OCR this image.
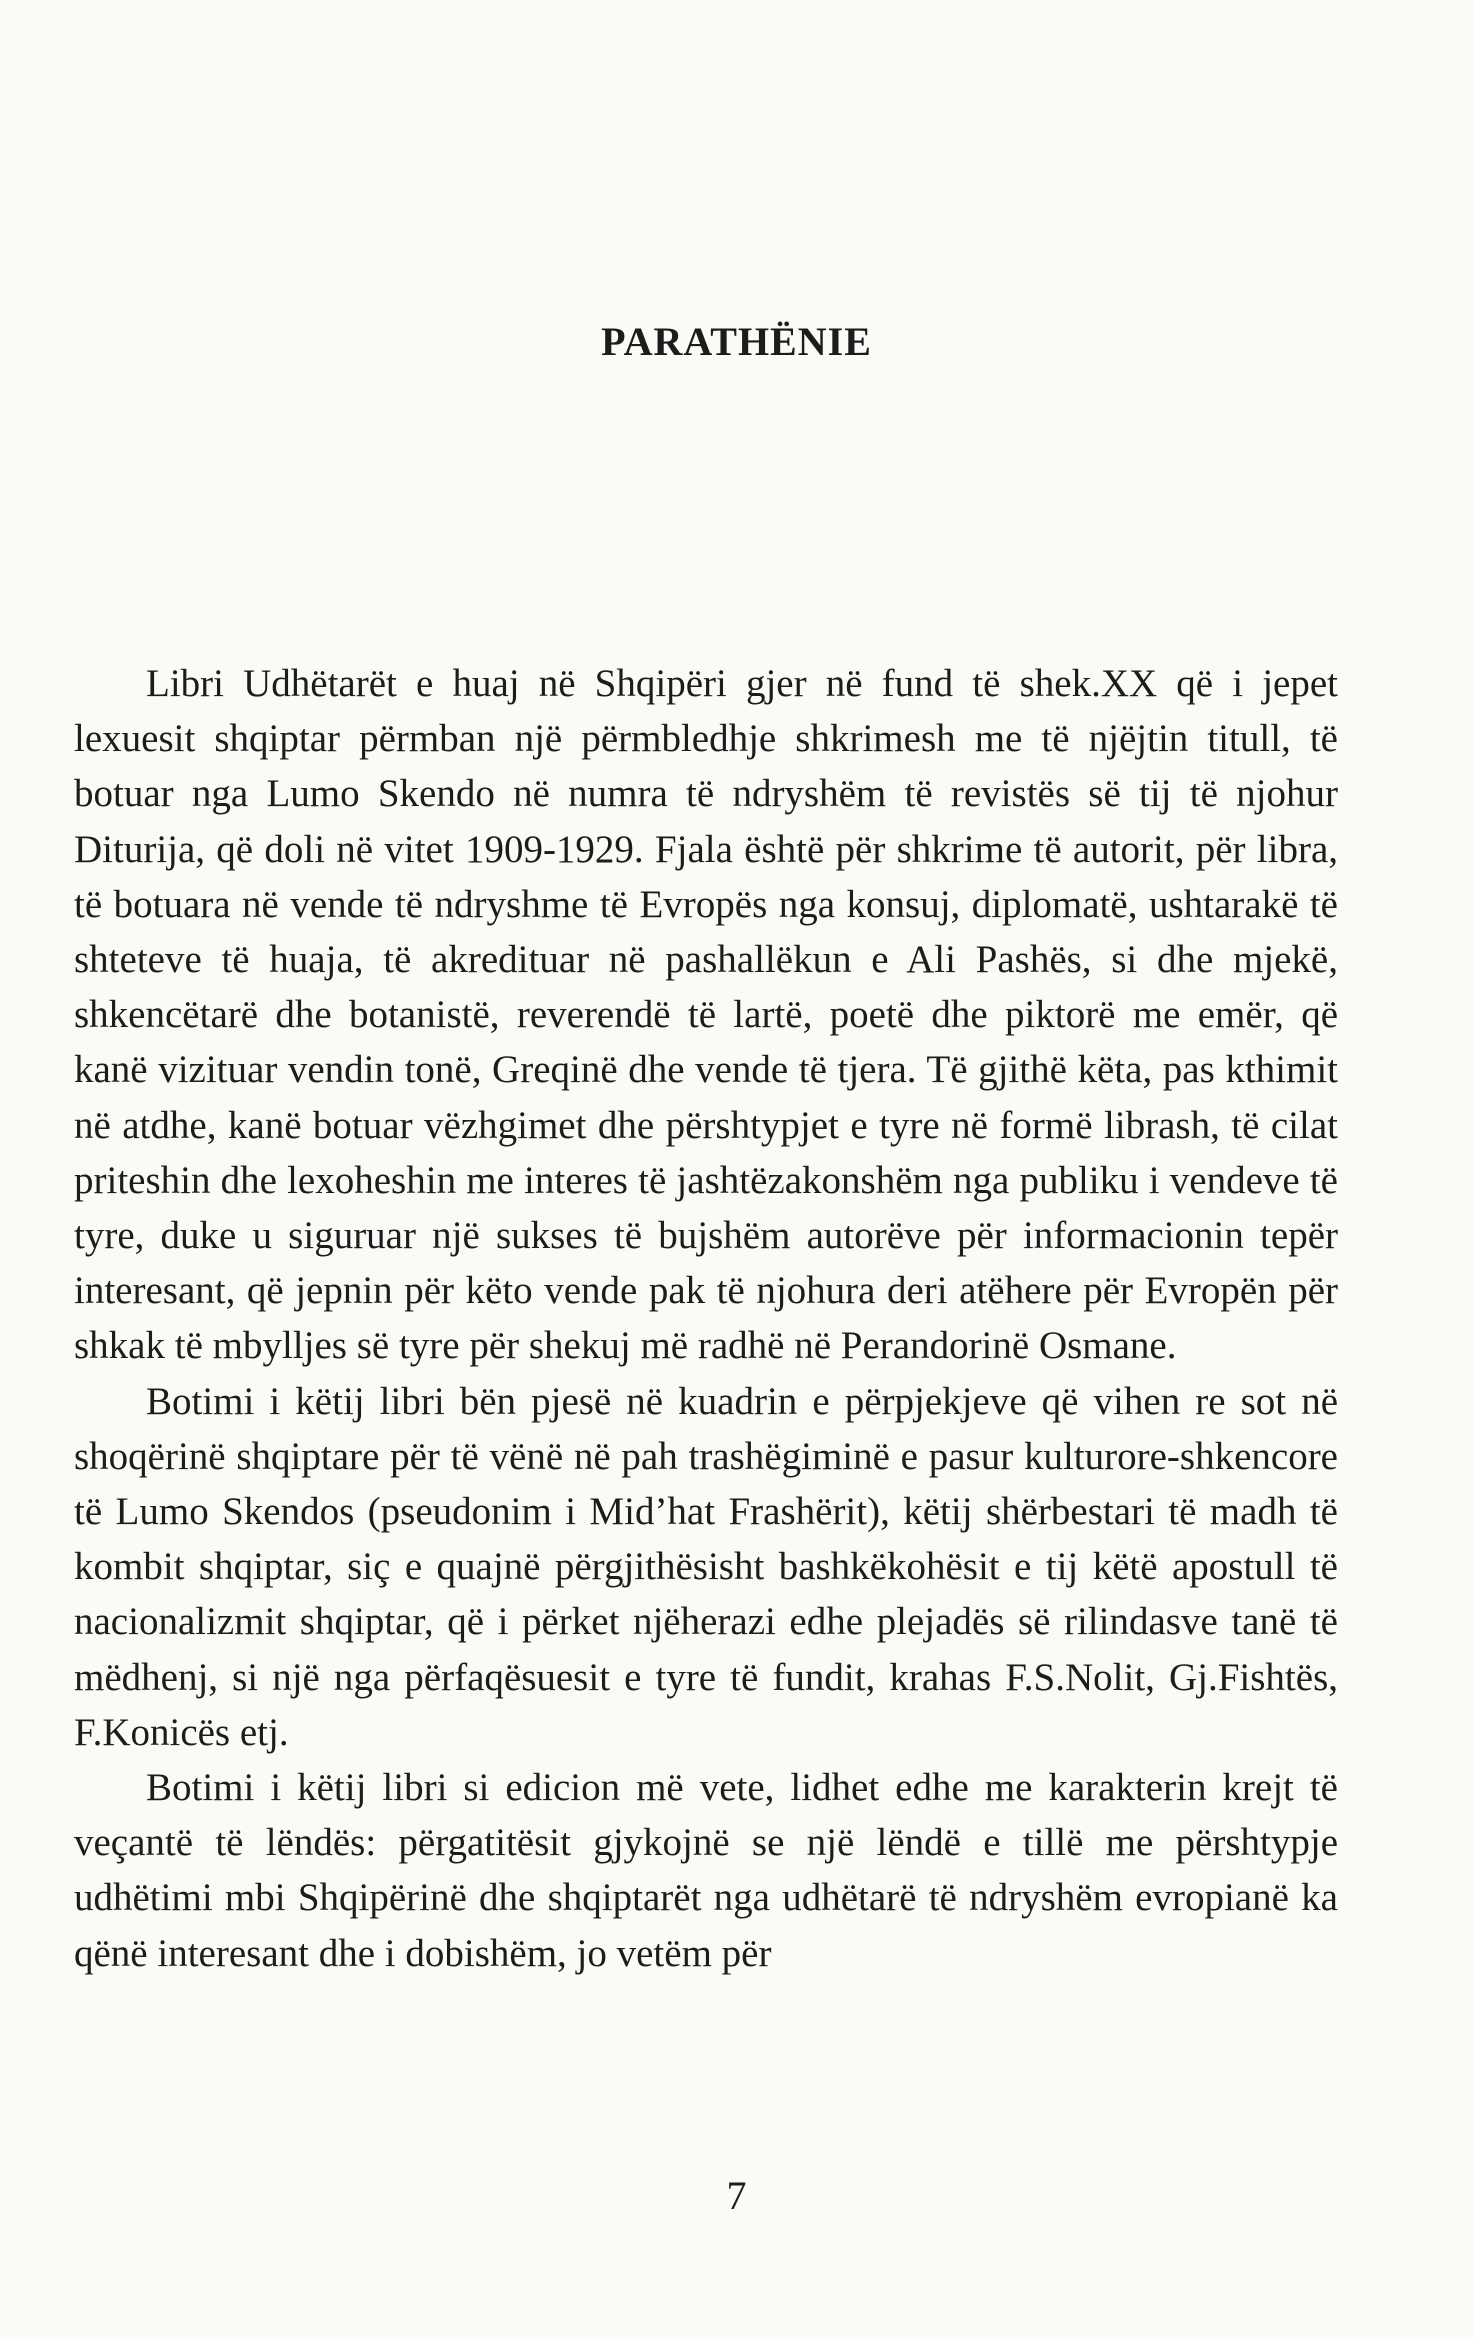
PARATHËNIE

Libri Udhëtarët e huaj në Shqipëri gjer në fund të shek.XX që i jepet lexuesit shqiptar përmban një përmbledhje shkrimesh me të njëjtin titull, të botuar nga Lumo Skendo në numra të ndryshëm të revistës së tij të njohur Diturija, që doli në vitet 1909-1929. Fjala është për shkrime të autorit, për libra, të botuara në vende të ndryshme të Evropës nga konsuj, diplomatë, ushtarakë të shteteve të huaja, të akredituar në pashallëkun e Ali Pashës, si dhe mjekë, shkencëtarë dhe botanistë, reverendë të lartë, poetë dhe piktorë me emër, që kanë vizituar vendin tonë, Greqinë dhe vende të tjera. Të gjithë këta, pas kthimit në atdhe, kanë botuar vëzhgimet dhe përshtypjet e tyre në formë librash, të cilat priteshin dhe lexoheshin me interes të jashtëzakonshëm nga publiku i vendeve të tyre, duke u siguruar një sukses të bujshëm autorëve për informacionin tepër interesant, që jepnin për këto vende pak të njohura deri atëhere për Evropën për shkak të mbylljes së tyre për shekuj më radhë në Perandorinë Osmane.

Botimi i këtij libri bën pjesë në kuadrin e përpjekjeve që vihen re sot në shoqërinë shqiptare për të vënë në pah trashëgiminë e pasur kulturore-shkencore të Lumo Skendos (pseudonim i Mid’hat Frashërit), këtij shërbestari të madh të kombit shqiptar, siç e quajnë përgjithësisht bashkëkohësit e tij këtë apostull të nacionalizmit shqiptar, që i përket njëherazi edhe plejadës së rilindasve tanë të mëdhenj, si një nga përfaqësuesit e tyre të fundit, krahas F.S.Nolit, Gj.Fishtës, F.Konicës etj.

Botimi i këtij libri si edicion më vete, lidhet edhe me karakterin krejt të veçantë të lëndës: përgatitësit gjykojnë se një lëndë e tillë me përshtypje udhëtimi mbi Shqipërinë dhe shqiptarët nga udhëtarë të ndryshëm evropianë ka qënë interesant dhe i dobishëm, jo vetëm për

7
